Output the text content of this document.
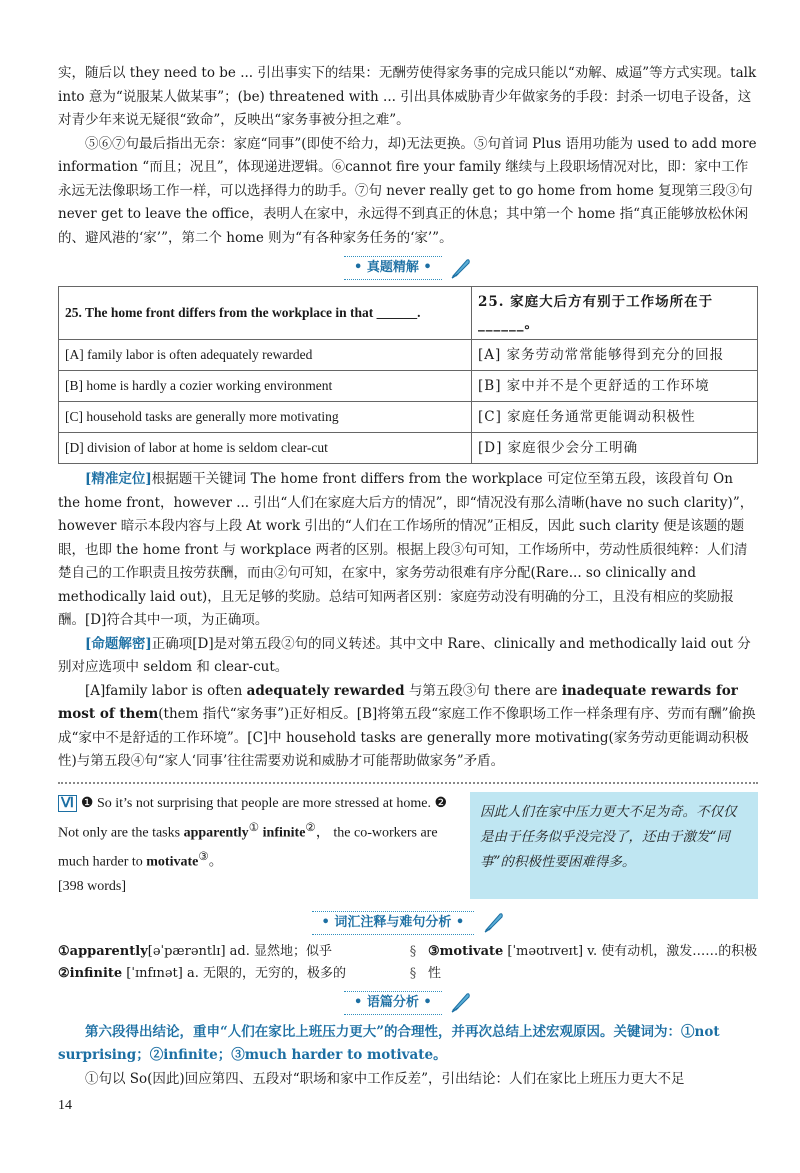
实，随后以 they need to be ... 引出事实下的结果：无酬劳使得家务事的完成只能以“劝解、威逼”等方式实现。talk into 意为“说服某人做某事”；(be) threatened with ... 引出具体威胁青少年做家务的手段：封杀一切电子设备，这对青少年来说无疑很“致命”，反映出“家务事被分担之难”。

⑤⑥⑦句最后指出无奈：家庭“同事”(即使不给力，却)无法更换。⑤句首词 Plus 语用功能为 used to add more information “而且；况且”，体现递进逻辑。⑥cannot fire your family 继续与上段职场情况对比，即：家中工作永远无法像职场工作一样，可以选择得力的助手。⑦句 never really get to go home from home 复现第三段③句 never get to leave the office，表明人在家中，永远得不到真正的休息；其中第一个 home 指“真正能够放松休闲的、避风港的‘家’”，第二个 home 则为“有各种家务任务的‘家’”。

• 真题精解 •
25. The home front differs from the workplace in that ______.	25. 家庭大后方有别于工作场所在于______。
[A] family labor is often adequately rewarded	[A] 家务劳动常常能够得到充分的回报
[B] home is hardly a cozier working environment	[B] 家中并不是个更舒适的工作环境
[C] household tasks are generally more motivating	[C] 家庭任务通常更能调动积极性
[D] division of labor at home is seldom clear-cut	[D] 家庭很少会分工明确

[精准定位]根据题干关键词 The home front differs from the workplace 可定位至第五段，该段首句 On the home front，however ... 引出“人们在家庭大后方的情况”，即“情况没有那么清晰(have no such clarity)”，however 暗示本段内容与上段 At work 引出的“人们在工作场所的情况”正相反，因此 such clarity 便是该题的题眼，也即 the home front 与 workplace 两者的区别。根据上段③句可知，工作场所中，劳动性质很纯粹：人们清楚自己的工作职责且按劳获酬，而由②句可知，在家中，家务劳动很难有序分配(Rare... so clinically and methodically laid out)，且无足够的奖励。总结可知两者区别：家庭劳动没有明确的分工，且没有相应的奖励报酬。[D]符合其中一项，为正确项。

[命题解密]正确项[D]是对第五段②句的同义转述。其中文中 Rare、clinically and methodically laid out 分别对应选项中 seldom 和 clear-cut。

[A]family labor is often adequately rewarded 与第五段③句 there are inadequate rewards for most of them(them 指代“家务事”)正好相反。[B]将第五段“家庭工作不像职场工作一样条理有序、劳而有酬”偷换成“家中不是舒适的工作环境”。[C]中 household tasks are generally more motivating(家务劳动更能调动积极性)与第五段④句“家人‘同事’往往需要劝说和威胁才可能帮助做家务”矛盾。

Ⅵ ❶ So it’s not surprising that people are more stressed at home. ❷ Not only are the tasks apparently① infinite②， the co-workers are much harder to motivate③。
[398 words]
因此人们在家中压力更大不足为奇。不仅仅是由于任务似乎没完没了，还由于激发“同事”的积极性要困难得多。
• 词汇注释与难句分析 •
①apparently[əˈpærəntlɪ] ad. 显然地；似乎
②infinite [ˈɪnfɪnət] a. 无限的，无穷的，极多的
§
§
③motivate [ˈməʊtɪveɪt] v. 使有动机，激发……的积极性
• 语篇分析 •

第六段得出结论，重申“人们在家比上班压力更大”的合理性，并再次总结上述宏观原因。关键词为：①not surprising；②infinite；③much harder to motivate。

①句以 So(因此)回应第四、五段对“职场和家中工作反差”，引出结论：人们在家比上班压力更大不足

14
